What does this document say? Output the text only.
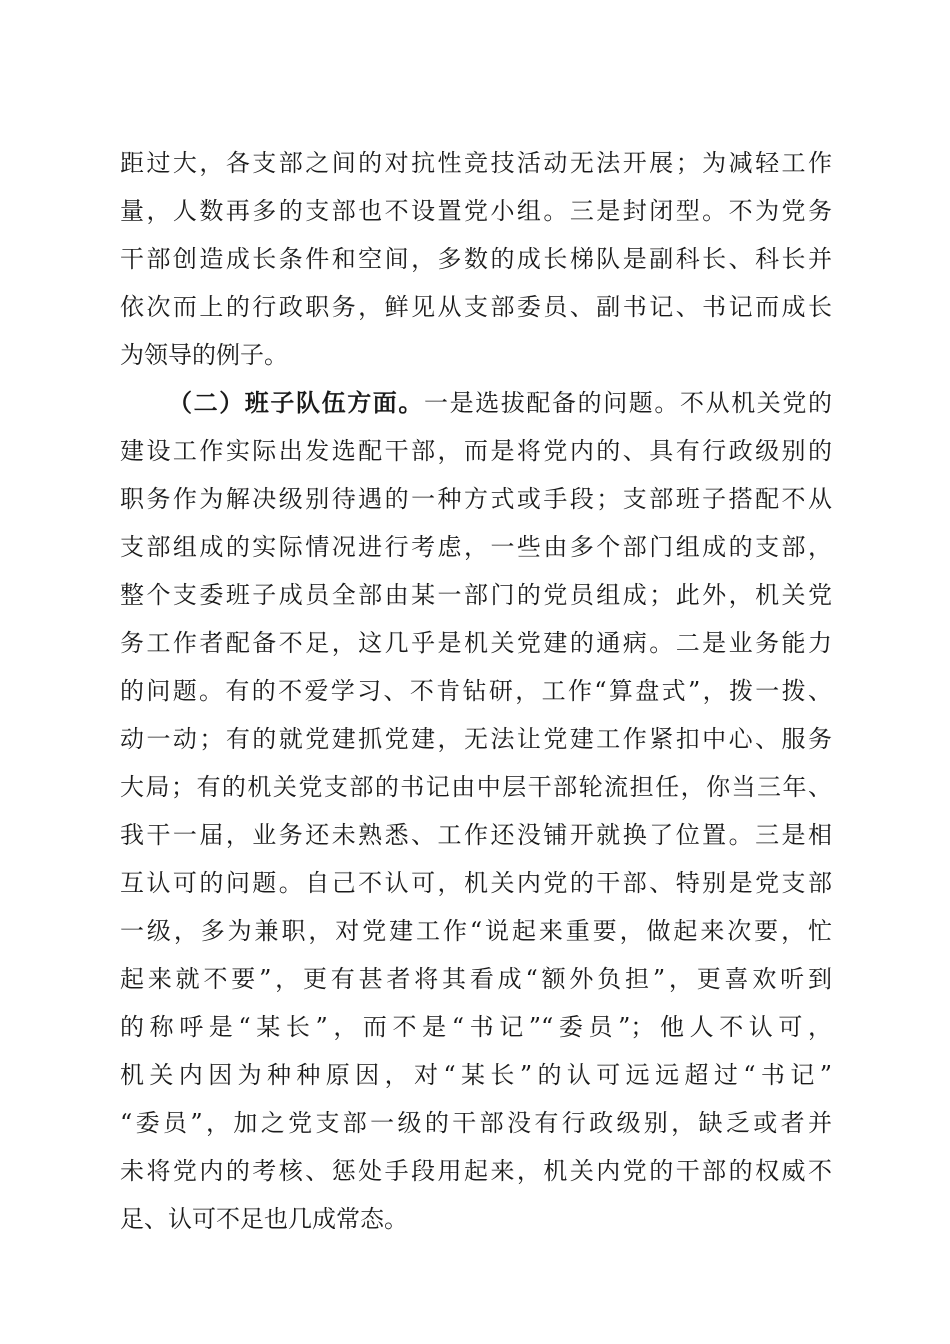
距过大，各支部之间的对抗性竞技活动无法开展；为减轻工作
量，人数再多的支部也不设置党小组。三是封闭型。不为党务
干部创造成长条件和空间，多数的成长梯队是副科长、科长并
依次而上的行政职务，鲜见从支部委员、副书记、书记而成长
为领导的例子。
（二）班子队伍方面。一是选拔配备的问题。不从机关党的
建设工作实际出发选配干部，而是将党内的、具有行政级别的
职务作为解决级别待遇的一种方式或手段；支部班子搭配不从
支部组成的实际情况进行考虑，一些由多个部门组成的支部，
整个支委班子成员全部由某一部门的党员组成；此外，机关党
务工作者配备不足，这几乎是机关党建的通病。二是业务能力
的问题。有的不爱学习、不肯钻研，工作“算盘式”，拨一拨、
动一动；有的就党建抓党建，无法让党建工作紧扣中心、服务
大局；有的机关党支部的书记由中层干部轮流担任，你当三年、
我干一届，业务还未熟悉、工作还没铺开就换了位置。三是相
互认可的问题。自己不认可，机关内党的干部、特别是党支部
一级，多为兼职，对党建工作“说起来重要，做起来次要，忙
起来就不要”，更有甚者将其看成“额外负担”，更喜欢听到
的称呼是“某长”，而不是“书记”“委员”；他人不认可，
机关内因为种种原因，对“某长”的认可远远超过“书记”
“委员”，加之党支部一级的干部没有行政级别，缺乏或者并
未将党内的考核、惩处手段用起来，机关内党的干部的权威不
足、认可不足也几成常态。
